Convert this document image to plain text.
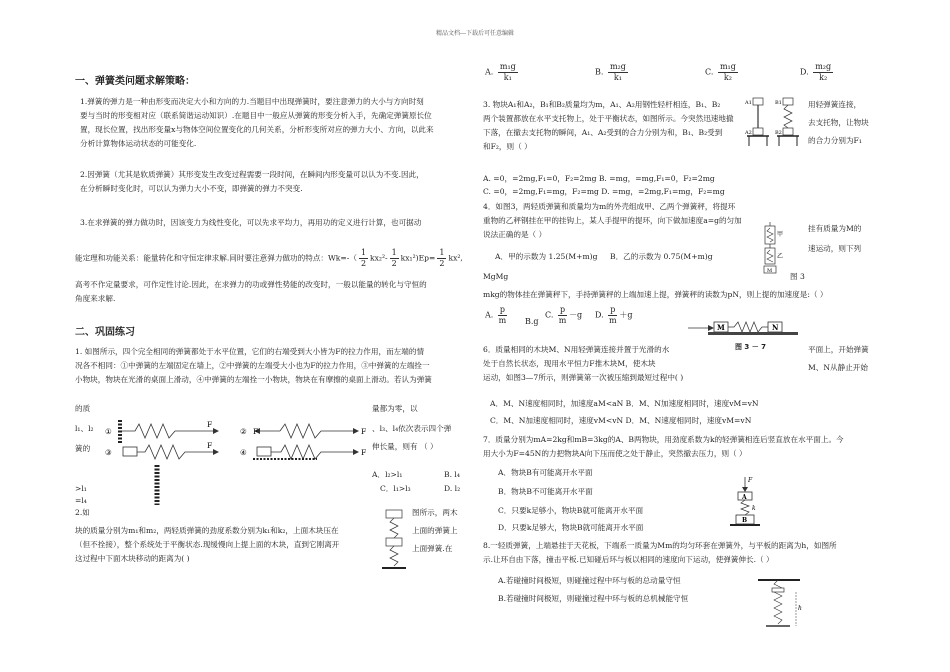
精品文档---下载后可任意编辑
一、弹簧类问题求解策略：
1.弹簧的弹力是一种由形变而决定大小和方向的力.当题目中出现弹簧时，要注意弹力的大小与方向时刻
要与当时的形变相对应（联系简谐运动知识）.在题目中一般应从弹簧的形变分析入手，先确定弹簧原长位
置，现长位置，找出形变量x与物体空间位置变化的几何关系，分析形变所对应的弹力大小、方向，以此来
分析计算物体运动状态的可能变化.
2.因弹簧（尤其是软质弹簧）其形变发生改变过程需要一段时间，在瞬间内形变量可以认为不变.因此，
在分析瞬时变化时，可以认为弹力大小不变，即弹簧的弹力不突变.
3.在求弹簧的弹力做功时，因该变力为线性变化，可以先求平均力，再用功的定义进行计算，也可据动
能定理和功能关系：能量转化和守恒定律求解.同时要注意弹力做功的特点：$Wk=-( \frac{1}{2} kx_2^2- \frac{1}{2} kx_1^2)Ep= \frac{1}{2} kx^2$,
高考不作定量要求，可作定性讨论.因此，在求弹力的功或弹性势能的改变时，一般以能量的转化与守恒的
角度来求解.
二、巩固练习
1. 如图所示，四个完全相同的弹簧都处于水平位置，它们的右端受到大小皆为F的拉力作用，而左端的情
况各不相同：①中弹簧的左端固定在墙上，②中弹簧的左端受大小也为F的拉力作用，③中弹簧的左端拴一
小物块，物块在光滑的桌面上滑动，④中弹簧的左端拴一小物块，物块在有摩擦的桌面上滑动。若认为弹簧
的质
l₁、l₂
簧的
>l₁
=l₄
2.如
量都为零，以
、l₃、l₄依次表示四个弹
伸长量，则有 （ ）
A．l₂>l₁	B. l₄
C．l₁>l₃	D. l₂
①
F
③
F
② F	F
④	F
图所示，两木
上面的弹簧上
上面弹簧.在
块的质量分别为m₁和m₂，两轻质弹簧的劲度系数分别为k₁和k₂，上面木块压在
（但不拴接），整个系统处于平衡状态.现缓慢向上提上面的木块，直到它刚离开
这过程中下面木块移动的距离为( )
A. $\frac{\text{m₁g}}{\text{k₁}}$	B. $\frac{\text{m₂g}}{\text{k₁}}$	C. $\frac{\text{m₁g}}{\text{k₂}}$	D. $\frac{\text{m₂g}}{\text{k₂}}$
3. 物块A₁和A₂，B₁和B₂质量均为m，A₁、A₂用钢性轻杆相连，B₁、B₂
两个装置都放在水平支托物上，处于平衡状态，如图所示。今突然迅速地撤
下落，在撤去支托物的瞬间，A₁、A₂受到的合力分别为和，B₁、B₂受到
和F₂，则（ ）
用轻弹簧连接，
去支托物，让物块
的合力分别为F₁
A1
A2
B1
B2
A. =0，=2mg,F₁=0，F₂=2mg B. =mg，=mg,F₁=0，F₂=2mg
C. =0，=2mg,F₁=mg，F₂=mg D. =mg，=2mg,F₁=mg，F₂=mg
4．如图3，两轻质弹簧和质量均为m的外壳组成甲、乙两个弹簧秤，将提环
重物的乙秤钢挂在甲的挂钩上，某人手提甲的提环，向下做加速度a=g的匀加
说法正确的是（ ）
挂有质量为M的
速运动，则下列
甲
乙
M
图 3
A．甲的示数为 1.25(M+m)g B．乙的示数为 0.75(M+m)g
MgMg
mkg的物体挂在弹簧秤下，手持弹簧秤的上端加速上提，弹簧秤的读数为pN，则上提的加速度是:（ ）
A. $\frac{p}{m} B.g$
C. $\frac{p}{m} -g$ D. $\frac{p}{m} +g$
M	N
图 3 － 7
6．质量相同的木块M、N用轻弹簧连接并置于光滑的水
处于自然长状态，现用水平恒力F推木块M，使木块
运动，如图3—7所示，则弹簧第一次被压缩到最短过程中( )
平面上，开始弹簧
M、N从静止开始
A．M、N速度相同时，加速度aM<aN B．M、N加速度相同时，速度vM=vN
C．M、N加速度相同时，速度vM<vN D．M、N速度相同时，速度vM=vN
7．质量分别为mA=2kg和mB=3kg的A、B两物块，用劲度系数为k的轻弹簧相连后竖直放在水平面上。今
用大小为F=45N的力把物块A向下压而使之处于静止，突然撤去压力，则（ ）
A．物块B有可能离开水平面
B．物块B不可能离开水平面
C．只要k足够小，物块B就可能离开水平面
D．只要k足够大，物块B就可能离开水平面
F
A
k
B
8.一轻质弹簧，上端悬挂于天花板，下端系一质量为Mm的均匀环套在弹簧外，与平板的距离为h，如图所
示.让环自由下落，撞击平板.已知碰后环与板以相同的速度向下运动，使弹簧伸长.（ ）
A.若碰撞时间极短，则碰撞过程中环与板的总动量守恒
B.若碰撞时间极短，则碰撞过程中环与板的总机械能守恒
h
